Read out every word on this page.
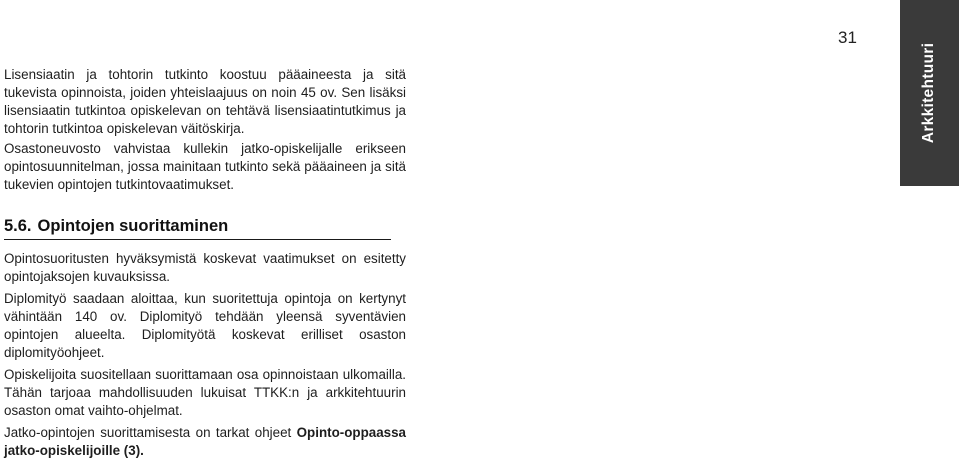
31
Arkkitehtuuri

Lisensiaatin ja tohtorin tutkinto koostuu pääaineesta ja sitä tukevista opinnoista, joiden yhteislaajuus on noin 45 ov. Sen lisäksi lisensiaatin tutkintoa opiskelevan on tehtävä lisensiaatintutkimus ja tohtorin tutkintoa opiskelevan väitöskirja.

Osastoneuvosto vahvistaa kullekin jatko-opiskelijalle erikseen opintosuunnitelman, jossa mainitaan tutkinto sekä pääaineen ja sitä tukevien opintojen tutkintovaatimukset.

5.6. Opintojen suorittaminen

Opintosuoritusten hyväksymistä koskevat vaatimukset on esitetty opintojaksojen kuvauksissa.

Diplomityö saadaan aloittaa, kun suoritettuja opintoja on kertynyt vähintään 140 ov. Diplomityö tehdään yleensä syventävien opintojen alueelta. Diplomityötä koskevat erilliset osaston diplomityöohjeet.

Opiskelijoita suositellaan suorittamaan osa opinnoistaan ulkomailla. Tähän tarjoaa mahdollisuuden lukuisat TTKK:n ja arkkitehtuurin osaston omat vaihto-ohjelmat.

Jatko-opintojen suorittamisesta on tarkat ohjeet Opinto-oppaassa jatko-opiskelijoille (3).
